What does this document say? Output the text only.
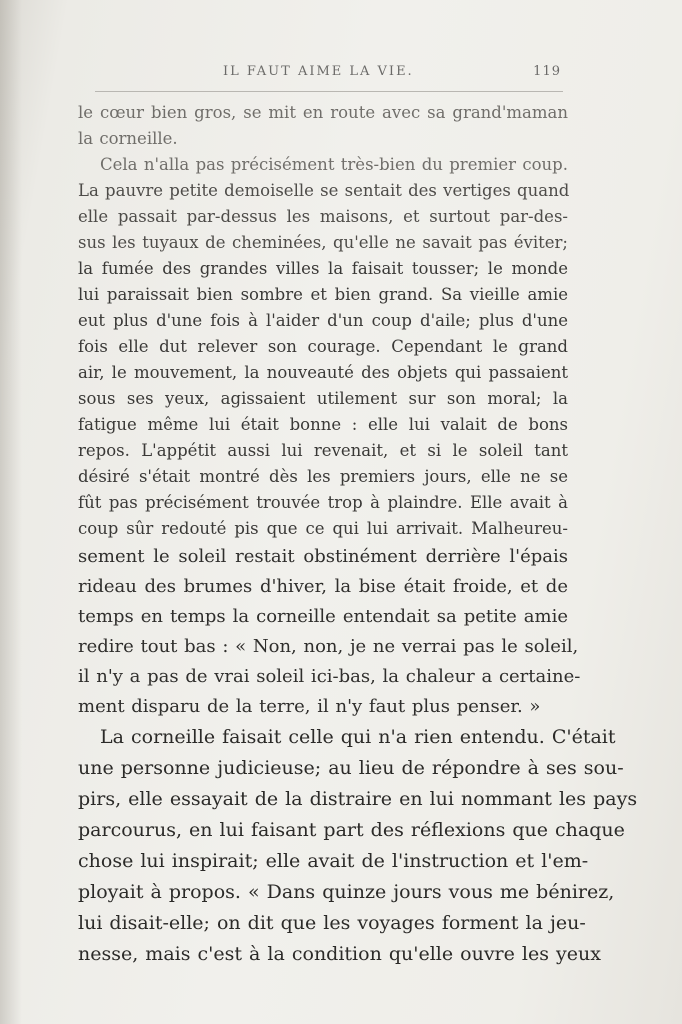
IL FAUT AIME LA VIE.	119
le cœur bien gros, se mit en route avec sa grand'maman
la corneille.
Cela n'alla pas précisément très-bien du premier coup.
La pauvre petite demoiselle se sentait des vertiges quand
elle passait par-dessus les maisons, et surtout par-des-
sus les tuyaux de cheminées, qu'elle ne savait pas éviter;
la fumée des grandes villes la faisait tousser; le monde
lui paraissait bien sombre et bien grand. Sa vieille amie
eut plus d'une fois à l'aider d'un coup d'aile; plus d'une
fois elle dut relever son courage. Cependant le grand
air, le mouvement, la nouveauté des objets qui passaient
sous ses yeux, agissaient utilement sur son moral; la
fatigue même lui était bonne : elle lui valait de bons
repos. L'appétit aussi lui revenait, et si le soleil tant
désiré s'était montré dès les premiers jours, elle ne se
fût pas précisément trouvée trop à plaindre. Elle avait à
coup sûr redouté pis que ce qui lui arrivait. Malheureu-
sement le soleil restait obstinément derrière l'épais
rideau des brumes d'hiver, la bise était froide, et de
temps en temps la corneille entendait sa petite amie
redire tout bas : « Non, non, je ne verrai pas le soleil,
il n'y a pas de vrai soleil ici-bas, la chaleur a certaine-
ment disparu de la terre, il n'y faut plus penser. »
La corneille faisait celle qui n'a rien entendu. C'était
une personne judicieuse; au lieu de répondre à ses sou-
pirs, elle essayait de la distraire en lui nommant les pays
parcourus, en lui faisant part des réflexions que chaque
chose lui inspirait; elle avait de l'instruction et l'em-
ployait à propos. « Dans quinze jours vous me bénirez,
lui disait-elle; on dit que les voyages forment la jeu-
nesse, mais c'est à la condition qu'elle ouvre les yeux
